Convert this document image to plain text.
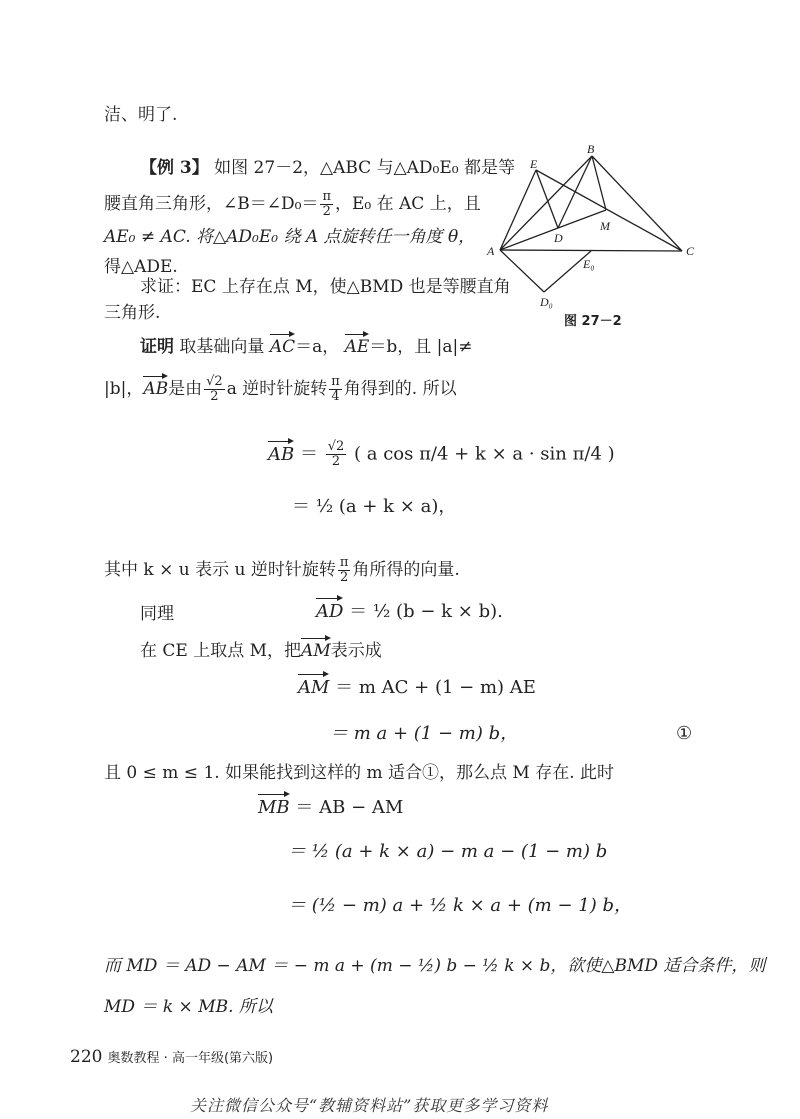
洁、明了.
【例 3】 如图 27－2，△ABC 与△AD₀E₀ 都是等
腰直角三角形，∠B＝∠D₀＝ $\frac{\pi}{2}$ ，E₀ 在 AC 上，且
AE₀ ≠ AC. 将△AD₀E₀ 绕 A 点旋转任一角度 θ，
得△ADE.
求证：EC 上存在点 M，使△BMD 也是等腰直角
三角形.
A
B
C
D
E
M
E₀
D₀
图 27－2
证明 取基础向量 AC＝a， AE＝b，且 |a|≠
|b|，AB是由 $\frac{√2}{2}$ a 逆时针旋转 $\frac{\pi}{4}$ 角得到的. 所以
AB ＝ $\frac{√2}{2}$ ( a cos π/4 + k × a · sin π/4 )
＝ ½ (a + k × a)，
其中 k × u 表示 u 逆时针旋转 $\frac{\pi}{2}$ 角所得的向量.
同理	AD ＝ ½ (b − k × b).
在 CE 上取点 M，把AM表示成
AM ＝ m AC + (1 − m) AE
＝ m a + (1 − m) b，	①
且 0 ≤ m ≤ 1. 如果能找到这样的 m 适合①，那么点 M 存在. 此时
MB ＝ AB − AM
＝ ½ (a + k × a) − m a − (1 − m) b
＝ (½ − m) a + ½ k × a + (m − 1) b，
而 MD ＝ AD − AM ＝ − m a + (m − ½) b − ½ k × b，欲使△BMD 适合条件，则
MD ＝ k × MB. 所以
220 奥数教程 · 高一年级(第六版)
关注微信公众号“教辅资料站”获取更多学习资料
